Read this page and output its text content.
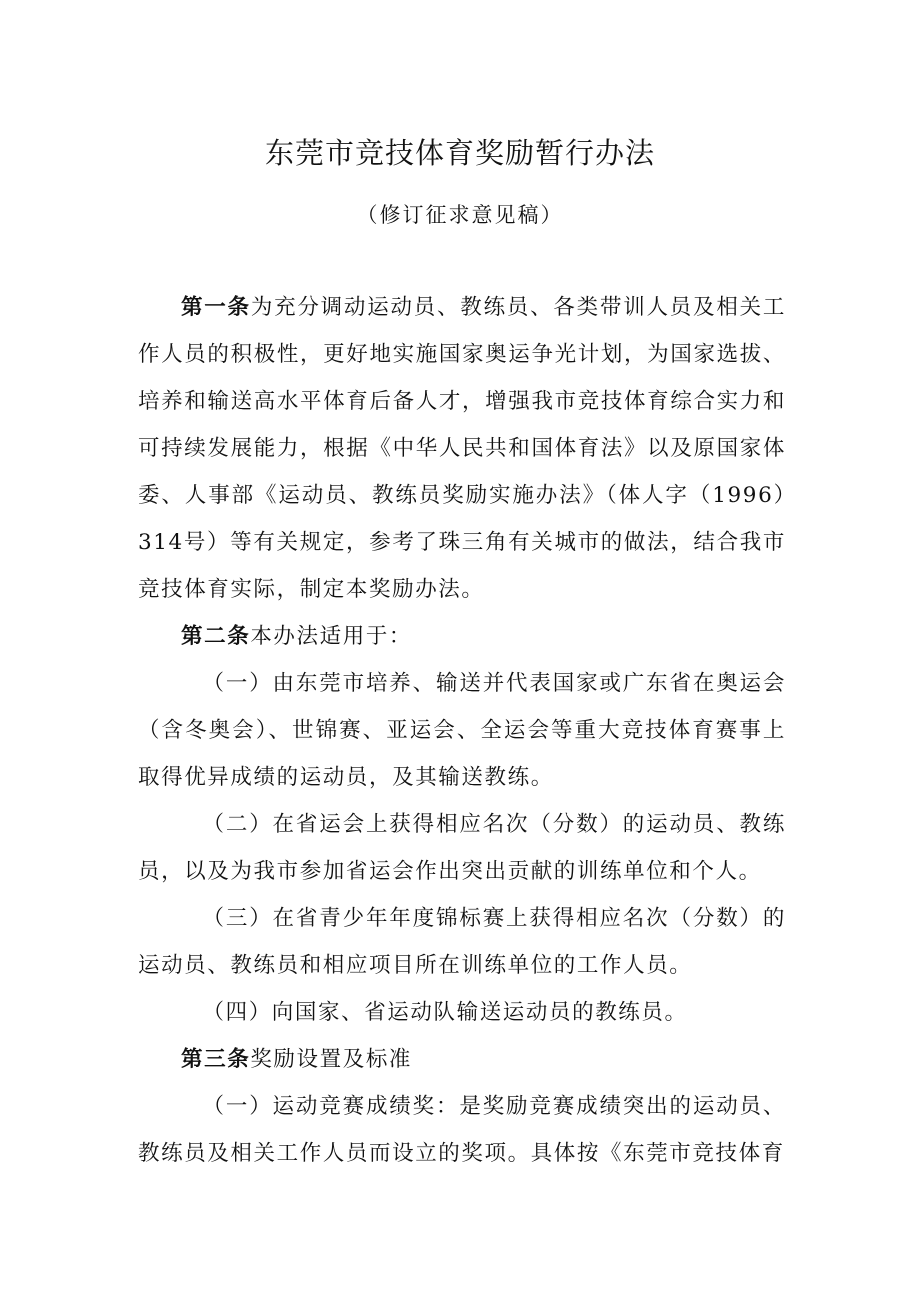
东莞市竞技体育奖励暂行办法
（修订征求意见稿）

第一条为充分调动运动员、教练员、各类带训人员及相关工作人员的积极性，更好地实施国家奥运争光计划，为国家选拔、培养和输送高水平体育后备人才，增强我市竞技体育综合实力和可持续发展能力，根据《中华人民共和国体育法》以及原国家体委、人事部《运动员、教练员奖励实施办法》（体人字（1996）314号）等有关规定，参考了珠三角有关城市的做法，结合我市竞技体育实际，制定本奖励办法。

第二条本办法适用于：

（一）由东莞市培养、输送并代表国家或广东省在奥运会（含冬奥会）、世锦赛、亚运会、全运会等重大竞技体育赛事上取得优异成绩的运动员，及其输送教练。

（二）在省运会上获得相应名次（分数）的运动员、教练员，以及为我市参加省运会作出突出贡献的训练单位和个人。

（三）在省青少年年度锦标赛上获得相应名次（分数）的运动员、教练员和相应项目所在训练单位的工作人员。

（四）向国家、省运动队输送运动员的教练员。

第三条奖励设置及标准

（一）运动竞赛成绩奖：是奖励竞赛成绩突出的运动员、教练员及相关工作人员而设立的奖项。具体按《东莞市竞技体育
